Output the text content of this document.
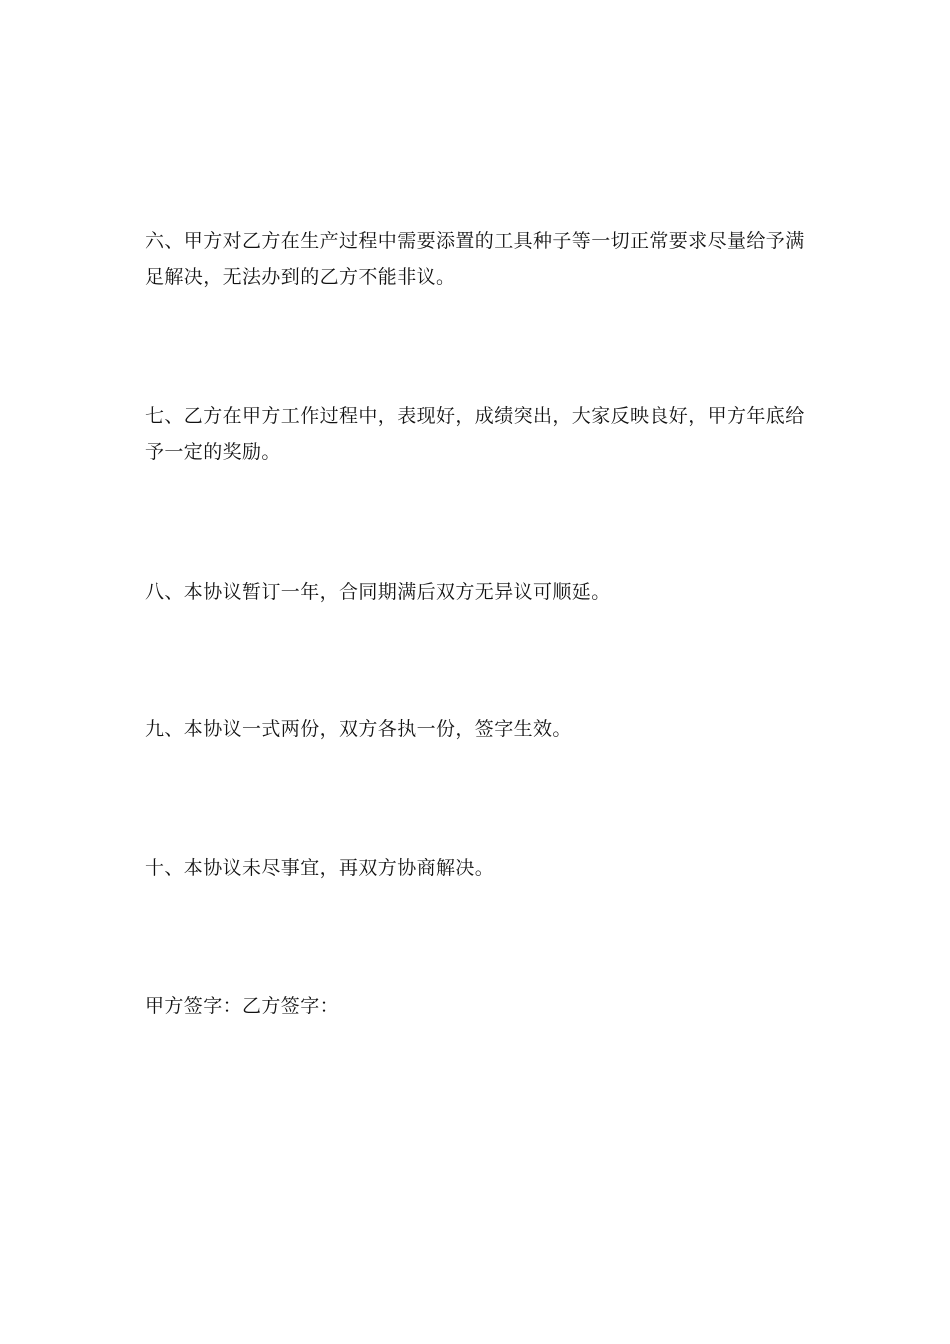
六、甲方对乙方在生产过程中需要添置的工具种子等一切正常要求尽量给予满足解决，无法办到的乙方不能非议。

七、乙方在甲方工作过程中，表现好，成绩突出，大家反映良好，甲方年底给予一定的奖励。

八、本协议暂订一年，合同期满后双方无异议可顺延。

九、本协议一式两份，双方各执一份，签字生效。

十、本协议未尽事宜，再双方协商解决。

甲方签字：乙方签字：
